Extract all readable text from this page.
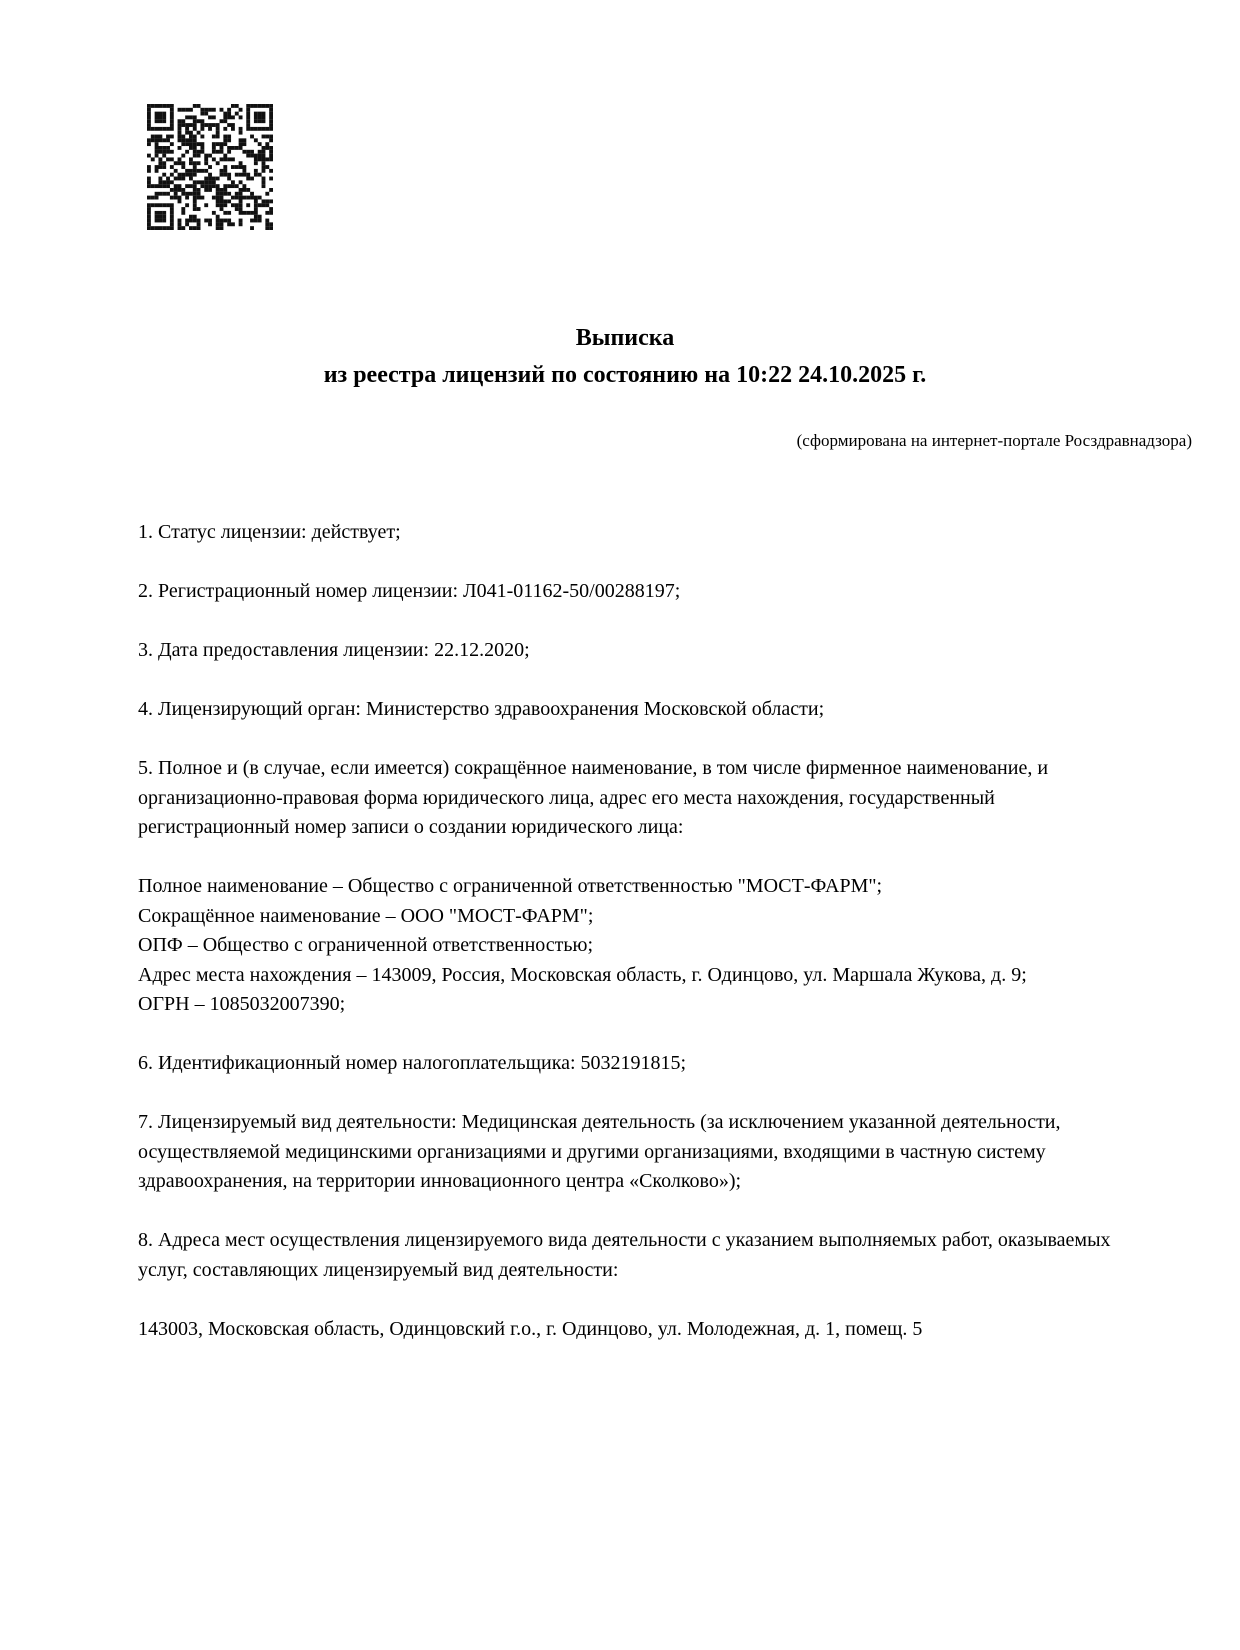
Выписка
из реестра лицензий по состоянию на 10:22 24.10.2025 г.
(сформирована на интернет-портале Росздравнадзора)

1. Статус лицензии: действует;

2. Регистрационный номер лицензии: Л041-01162-50/00288197;

3. Дата предоставления лицензии: 22.12.2020;

4. Лицензирующий орган: Министерство здравоохранения Московской области;

5. Полное и (в случае, если имеется) сокращённое наименование, в том числе фирменное наименование, и организационно-правовая форма юридического лица, адрес его места нахождения, государственный регистрационный номер записи о создании юридического лица:

Полное наименование – Общество с ограниченной ответственностью "МОСТ-ФАРМ";
Сокращённое наименование – ООО "МОСТ-ФАРМ";
ОПФ – Общество с ограниченной ответственностью;
Адрес места нахождения – 143009, Россия, Московская область, г. Одинцово, ул. Маршала Жукова, д. 9;
ОГРН – 1085032007390;

6. Идентификационный номер налогоплательщика: 5032191815;

7. Лицензируемый вид деятельности: Медицинская деятельность (за исключением указанной деятельности, осуществляемой медицинскими организациями и другими организациями, входящими в частную систему здравоохранения, на территории инновационного центра «Сколково»);

8. Адреса мест осуществления лицензируемого вида деятельности с указанием выполняемых работ, оказываемых услуг, составляющих лицензируемый вид деятельности:

143003, Московская область, Одинцовский г.о., г. Одинцово, ул. Молодежная, д. 1, помещ. 5
